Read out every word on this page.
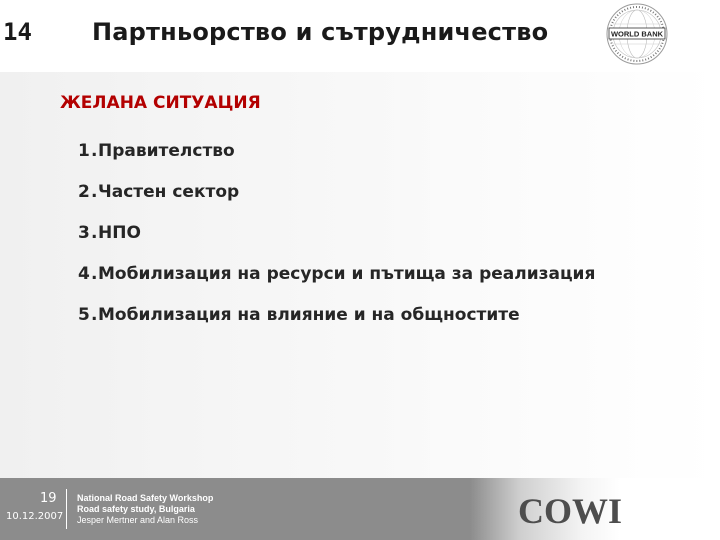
14	Партньорство и сътрудничество	WORLD BANK
ЖЕЛАНА СИТУАЦИЯ
1 . Правителство
2 . Частен сектор
3 . НПО
4 . Мобилизация на ресурси и пътища за реализация
5 . Мобилизация на влияние и на общностите
19
10.12.2007
National Road Safety Workshop
Road safety study, Bulgaria
Jesper Mertner and Alan Ross	COWI
